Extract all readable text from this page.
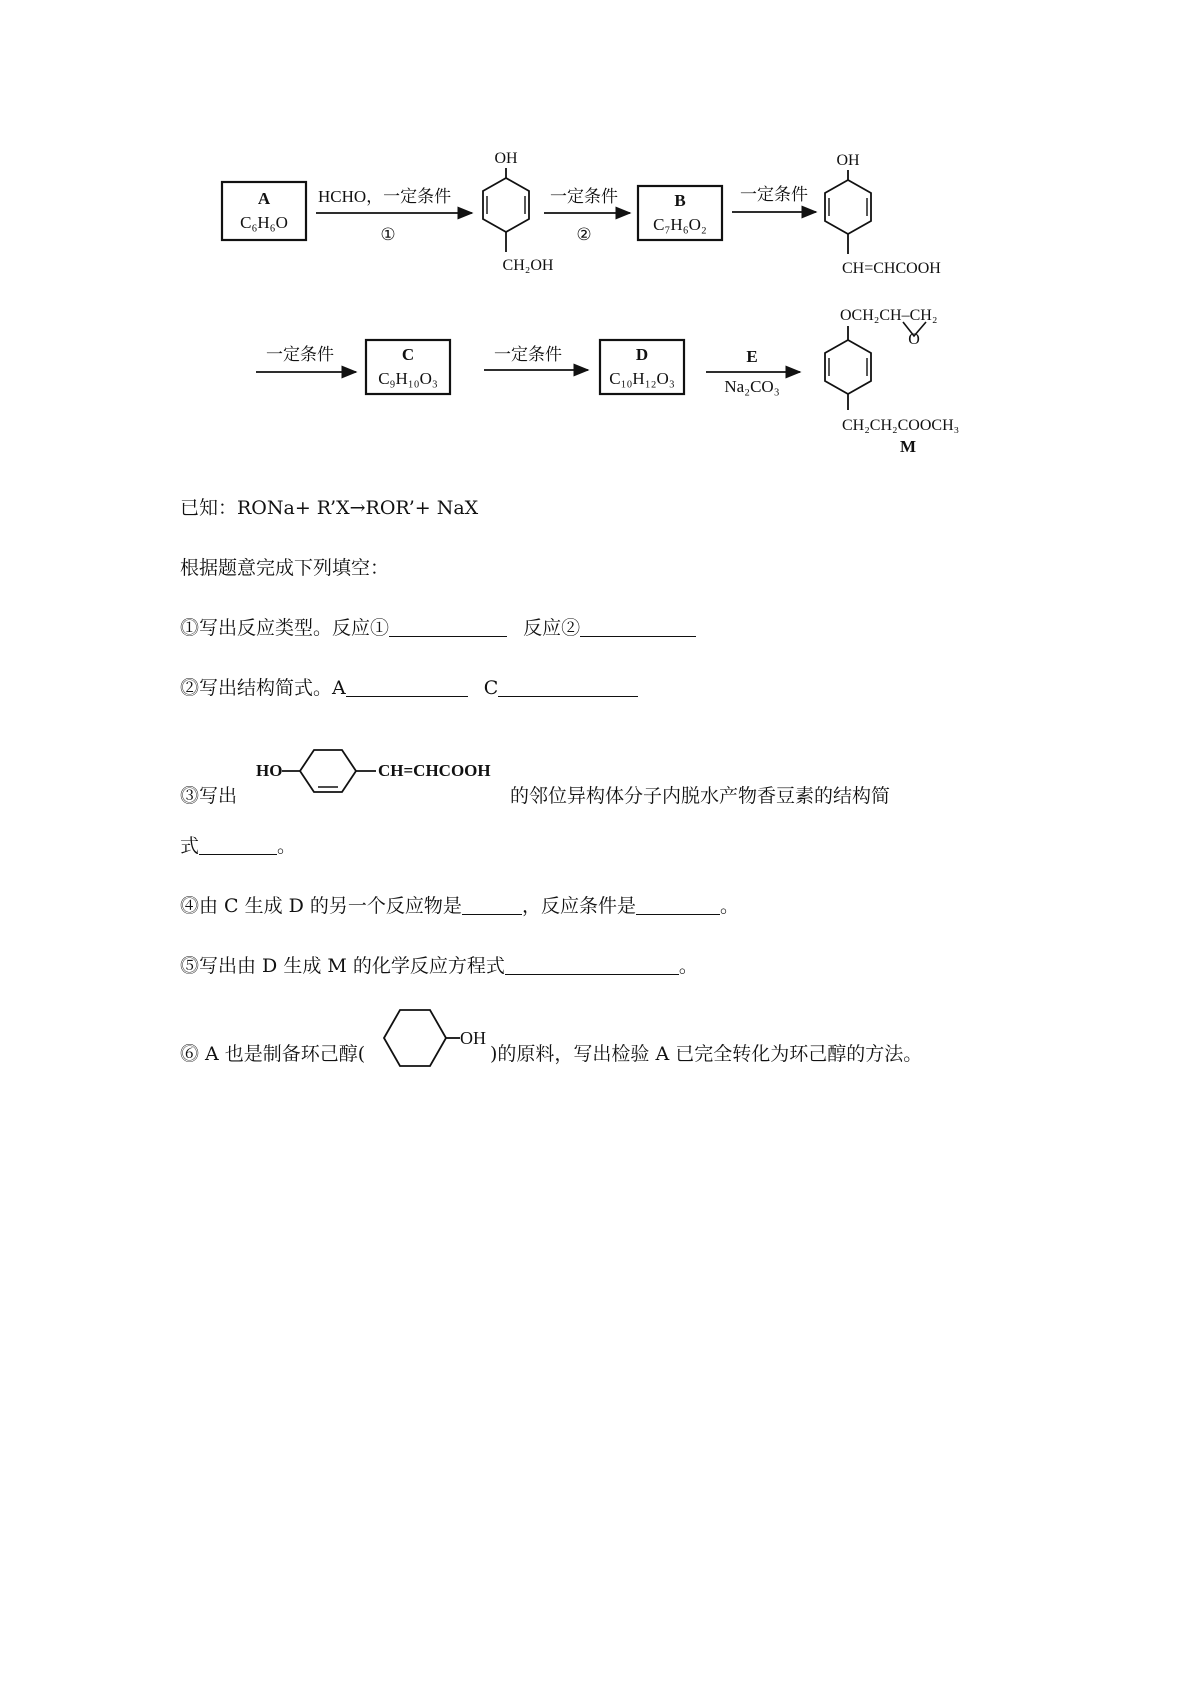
A
C₆H₆O
HCHO，一定条件
①
OH
CH₂OH
一定条件
②
B
C₇H₆O₂
一定条件
OH
CH=CHCOOH
一定条件	C
C₉H₁₀O₃
一定条件	D
C₁₀H₁₂O₃
E
Na₂CO₃
OCH₂CH–CH₂
O
CH₂CH₂COOCH₃
M
已知：RONa+ R’X→ROR’+ NaX
根据题意完成下列填空：
⓵写出反应类型。反应①	反应②
⓶写出结构简式。A	C
⓷写出
HO	CH=CHCOOH
的邻位异构体分子内脱水产物香豆素的结构简
式	。
⓸由 C 生成 D 的另一个反应物是	，反应条件是	。
⓹写出由 D 生成 M 的化学反应方程式	。
⓺ A 也是制备环己醇(
OH
)的原料，写出检验 A 已完全转化为环己醇的方法。
